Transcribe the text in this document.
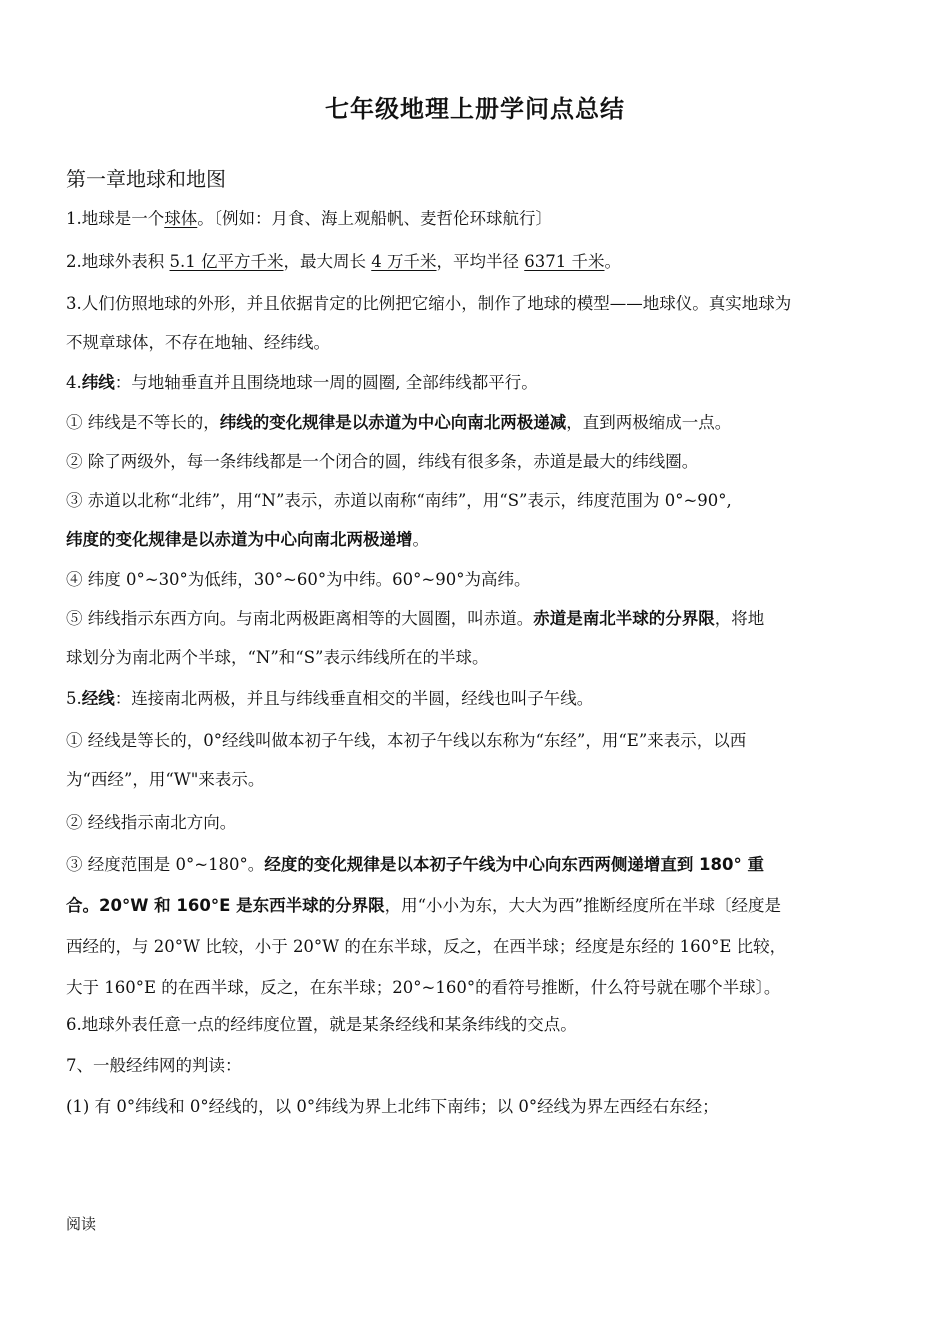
七年级地理上册学问点总结
第一章地球和地图
1.地球是一个球体。〔例如：月食、海上观船帆、麦哲伦环球航行〕
2.地球外表积 5.1 亿平方千米，最大周长 4 万千米，平均半径 6371 千米。
3.人们仿照地球的外形，并且依据肯定的比例把它缩小，制作了地球的模型——地球仪。真实地球为
不规章球体，不存在地轴、经纬线。
4.纬线：与地轴垂直并且围绕地球一周的圆圈, 全部纬线都平行。
① 纬线是不等长的，纬线的变化规律是以赤道为中心向南北两极递减，直到两极缩成一点。
② 除了两级外，每一条纬线都是一个闭合的圆，纬线有很多条，赤道是最大的纬线圈。
③ 赤道以北称“北纬”，用“N”表示，赤道以南称“南纬”，用“S”表示，纬度范围为 0°~90°,
纬度的变化规律是以赤道为中心向南北两极递增。
④ 纬度 0°~30°为低纬，30°~60°为中纬。60°~90°为高纬。
⑤ 纬线指示东西方向。与南北两极距离相等的大圆圈，叫赤道。赤道是南北半球的分界限，将地
球划分为南北两个半球，“N”和“S”表示纬线所在的半球。
5.经线：连接南北两极，并且与纬线垂直相交的半圆，经线也叫子午线。
① 经线是等长的，0°经线叫做本初子午线，本初子午线以东称为“东经”，用“E”来表示，以西
为“西经”，用“W"来表示。
② 经线指示南北方向。
③ 经度范围是 0°~180°。经度的变化规律是以本初子午线为中心向东西两侧递增直到 180° 重
合。20°W 和 160°E 是东西半球的分界限，用“小小为东，大大为西”推断经度所在半球〔经度是
西经的，与 20°W 比较，小于 20°W 的在东半球，反之，在西半球；经度是东经的 160°E 比较，
大于 160°E 的在西半球，反之，在东半球；20°~160°的看符号推断，什么符号就在哪个半球〕。
6.地球外表任意一点的经纬度位置，就是某条经线和某条纬线的交点。
7、一般经纬网的判读：
(1) 有 0°纬线和 0°经线的，以 0°纬线为界上北纬下南纬；以 0°经线为界左西经右东经；
阅读
